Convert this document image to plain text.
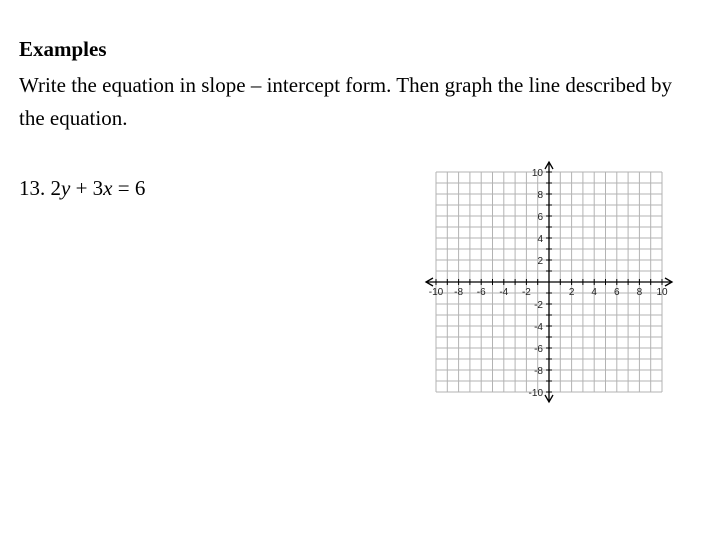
Examples
Write the equation in slope – intercept form. Then graph the line described by the equation.
13. 2y + 3x = 6
-10 -8 -6 -4 -2	2 4 6 8 10
10
8
6
4
2
-2
-4
-6
-8
-10
